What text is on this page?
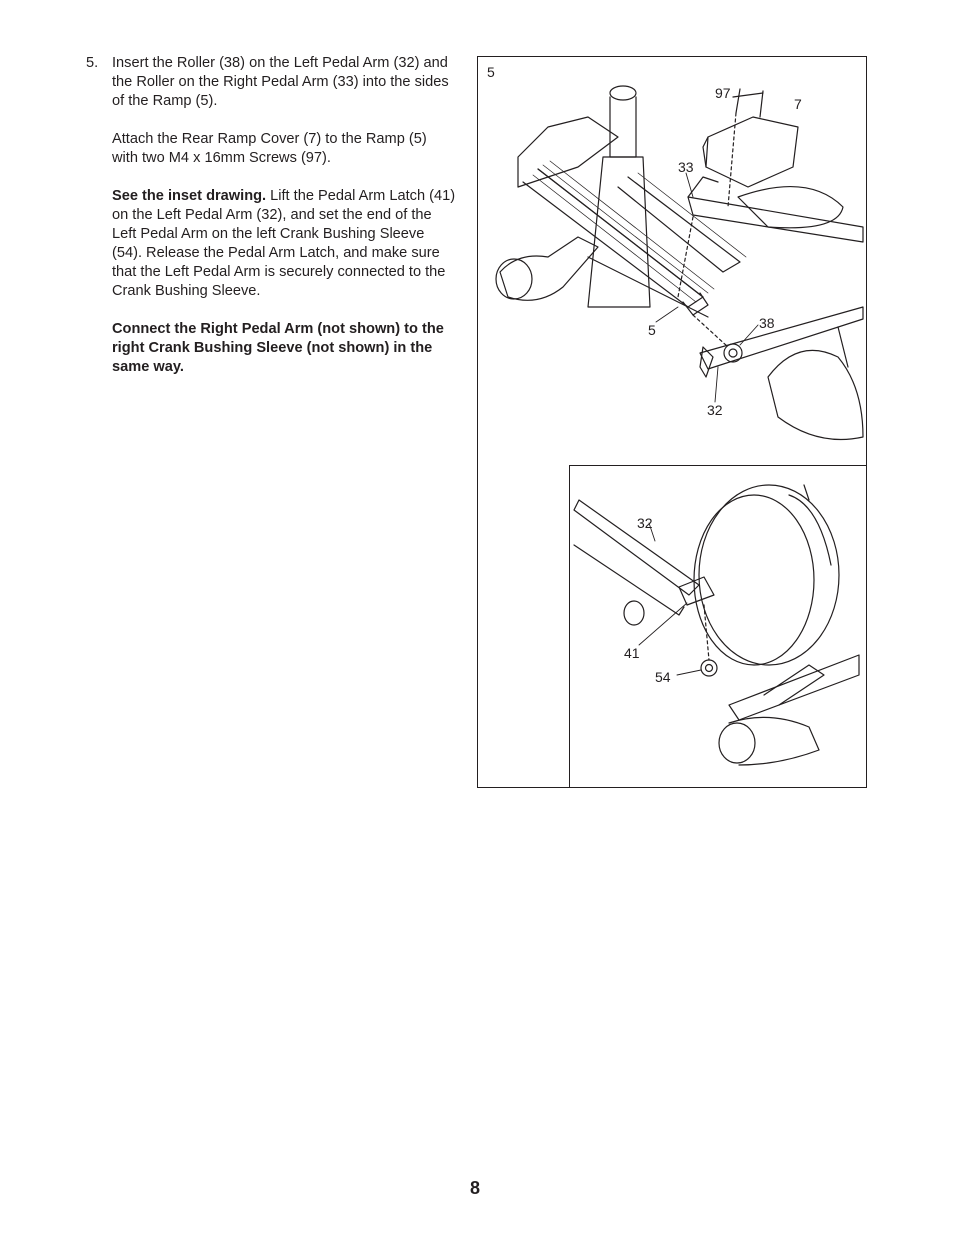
5. Insert the Roller (38) on the Left Pedal Arm (32) and the Roller on the Right Pedal Arm (33) into the sides of the Ramp (5).

Attach the Rear Ramp Cover (7) to the Ramp (5) with two M4 x 16mm Screws (97).

See the inset drawing. Lift the Pedal Arm Latch (41) on the Left Pedal Arm (32), and set the end of the Left Pedal Arm on the left Crank Bushing Sleeve (54). Release the Pedal Arm Latch, and make sure that the Left Pedal Arm is securely connected to the Crank Bushing Sleeve.

Connect the Right Pedal Arm (not shown) to the right Crank Bushing Sleeve (not shown) in the same way.

5
97
7
33
5	38
32
32
41
54
8
